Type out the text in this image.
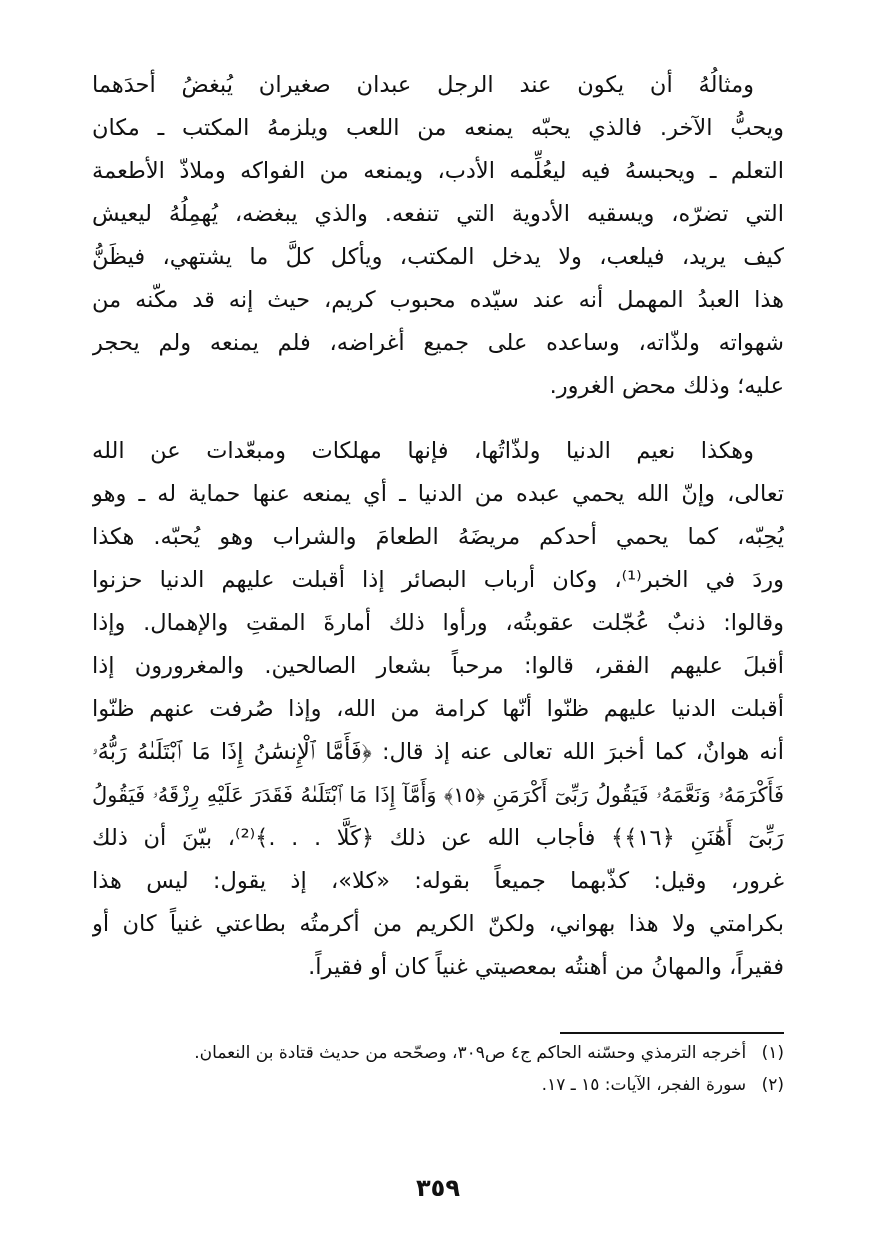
ومثالُهُ أن يكون عند الرجل عبدان صغيران يُبغضُ أحدَهما
ويحبُّ الآخر. فالذي يحبّه يمنعه من اللعب ويلزمهُ المكتب ـ مكان
التعلم ـ ويحبسهُ فيه ليعُلِّمه الأدب، ويمنعه من الفواكه وملاذّ الأطعمة
التي تضرّه، ويسقيه الأدوية التي تنفعه. والذي يبغضه، يُهمِلُهُ ليعيش
كيف يريد، فيلعب، ولا يدخل المكتب، ويأكل كلَّ ما يشتهي، فيظَنُّ
هذا العبدُ المهمل أنه عند سيّده محبوب كريم، حيث إنه قد مكّنه من
شهواته ولذّاته، وساعده على جميع أغراضه، فلم يمنعه ولم يحجر
عليه؛ وذلك محض الغرور.
وهكذا نعيم الدنيا ولذّاتُها، فإنها مهلكات ومبعّدات عن الله
تعالى، وإنّ الله يحمي عبده من الدنيا ـ أي يمنعه عنها حماية له ـ وهو
يُحِبّه، كما يحمي أحدكم مريضَهُ الطعامَ والشراب وهو يُحبّه. هكذا
وردَ في الخبر⁽¹⁾، وكان أرباب البصائر إذا أقبلت عليهم الدنيا حزنوا
وقالوا: ذنبٌ عُجّلت عقوبتُه، ورأوا ذلك أمارةَ المقتِ والإهمال. وإذا
أقبلَ عليهم الفقر، قالوا: مرحباً بشعار الصالحين. والمغرورون إذا
أقبلت الدنيا عليهم ظنّوا أنّها كرامة من الله، وإذا صُرفت عنهم ظنّوا
أنه هوانٌ، كما أخبرَ الله تعالى عنه إذ قال: ﴿فَأَمَّا ٱلْإِنسَٰنُ إِذَا مَا ٱبْتَلَىٰهُ رَبُّهُۥ
فَأَكْرَمَهُۥ وَنَعَّمَهُۥ فَيَقُولُ رَبِّىٓ أَكْرَمَنِ ﴿١٥﴾ وَأَمَّآ إِذَا مَا ٱبْتَلَىٰهُ فَقَدَرَ عَلَيْهِ رِزْقَهُۥ فَيَقُولُ
رَبِّىٓ أَهَٰنَنِ ﴿١٦﴾﴾ فأجاب الله عن ذلك ﴿كَلَّا . . .﴾⁽²⁾، بيّنَ أن ذلك
غرور، وقيل: كذّبهما جميعاً بقوله: «كلا»، إذ يقول: ليس هذا
بكرامتي ولا هذا بهواني، ولكنّ الكريم من أكرمتُه بطاعتي غنياً كان أو
فقيراً، والمهانُ من أهنتُه بمعصيتي غنياً كان أو فقيراً.
(١) أخرجه الترمذي وحسّنه الحاكم ج٤ ص٣٠٩، وصحّحه من حديث قتادة بن النعمان.
(٢) سورة الفجر، الآيات: ١٥ ـ ١٧.
٣٥٩
